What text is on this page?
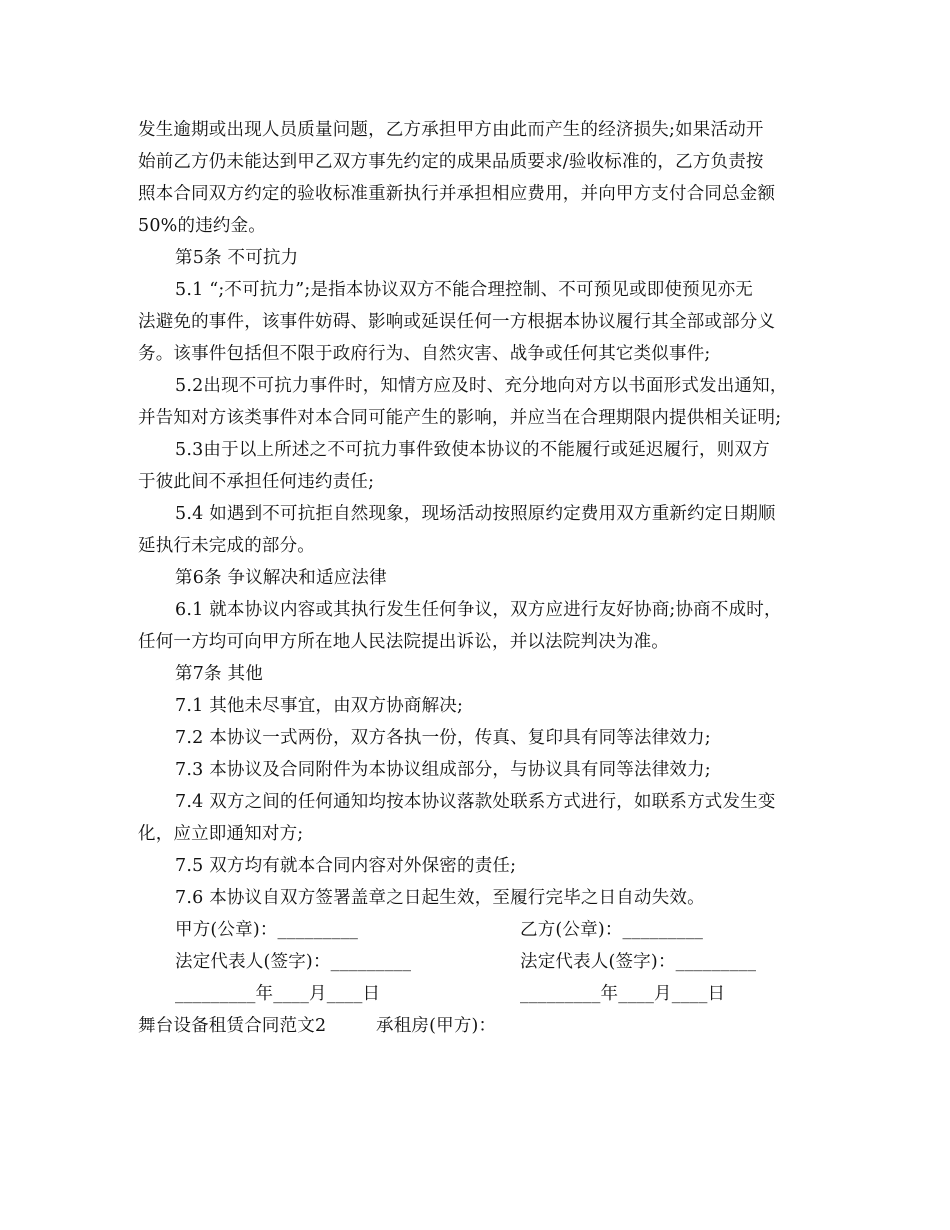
发生逾期或出现人员质量问题，乙方承担甲方由此而产生的经济损失;如果活动开
始前乙方仍未能达到甲乙双方事先约定的成果品质要求/验收标准的，乙方负责按
照本合同双方约定的验收标准重新执行并承担相应费用，并向甲方支付合同总金额
50%的违约金。
第5条 不可抗力
5.1 “;不可抗力”;是指本协议双方不能合理控制、不可预见或即使预见亦无
法避免的事件，该事件妨碍、影响或延误任何一方根据本协议履行其全部或部分义
务。该事件包括但不限于政府行为、自然灾害、战争或任何其它类似事件;
5.2出现不可抗力事件时，知情方应及时、充分地向对方以书面形式发出通知，
并告知对方该类事件对本合同可能产生的影响，并应当在合理期限内提供相关证明;
5.3由于以上所述之不可抗力事件致使本协议的不能履行或延迟履行，则双方
于彼此间不承担任何违约责任;
5.4 如遇到不可抗拒自然现象，现场活动按照原约定费用双方重新约定日期顺
延执行未完成的部分。
第6条 争议解决和适应法律
6.1 就本协议内容或其执行发生任何争议，双方应进行友好协商;协商不成时，
任何一方均可向甲方所在地人民法院提出诉讼，并以法院判决为准。
第7条 其他
7.1 其他未尽事宜，由双方协商解决;
7.2 本协议一式两份，双方各执一份，传真、复印具有同等法律效力;
7.3 本协议及合同附件为本协议组成部分，与协议具有同等法律效力;
7.4 双方之间的任何通知均按本协议落款处联系方式进行，如联系方式发生变
化，应立即通知对方;
7.5 双方均有就本合同内容对外保密的责任;
7.6 本协议自双方签署盖章之日起生效，至履行完毕之日自动失效。
甲方(公章)：_________	乙方(公章)：_________
法定代表人(签字)：_________	法定代表人(签字)：_________
_________年____月____日	_________年____月____日
舞台设备租赁合同范文2	承租房(甲方)：
